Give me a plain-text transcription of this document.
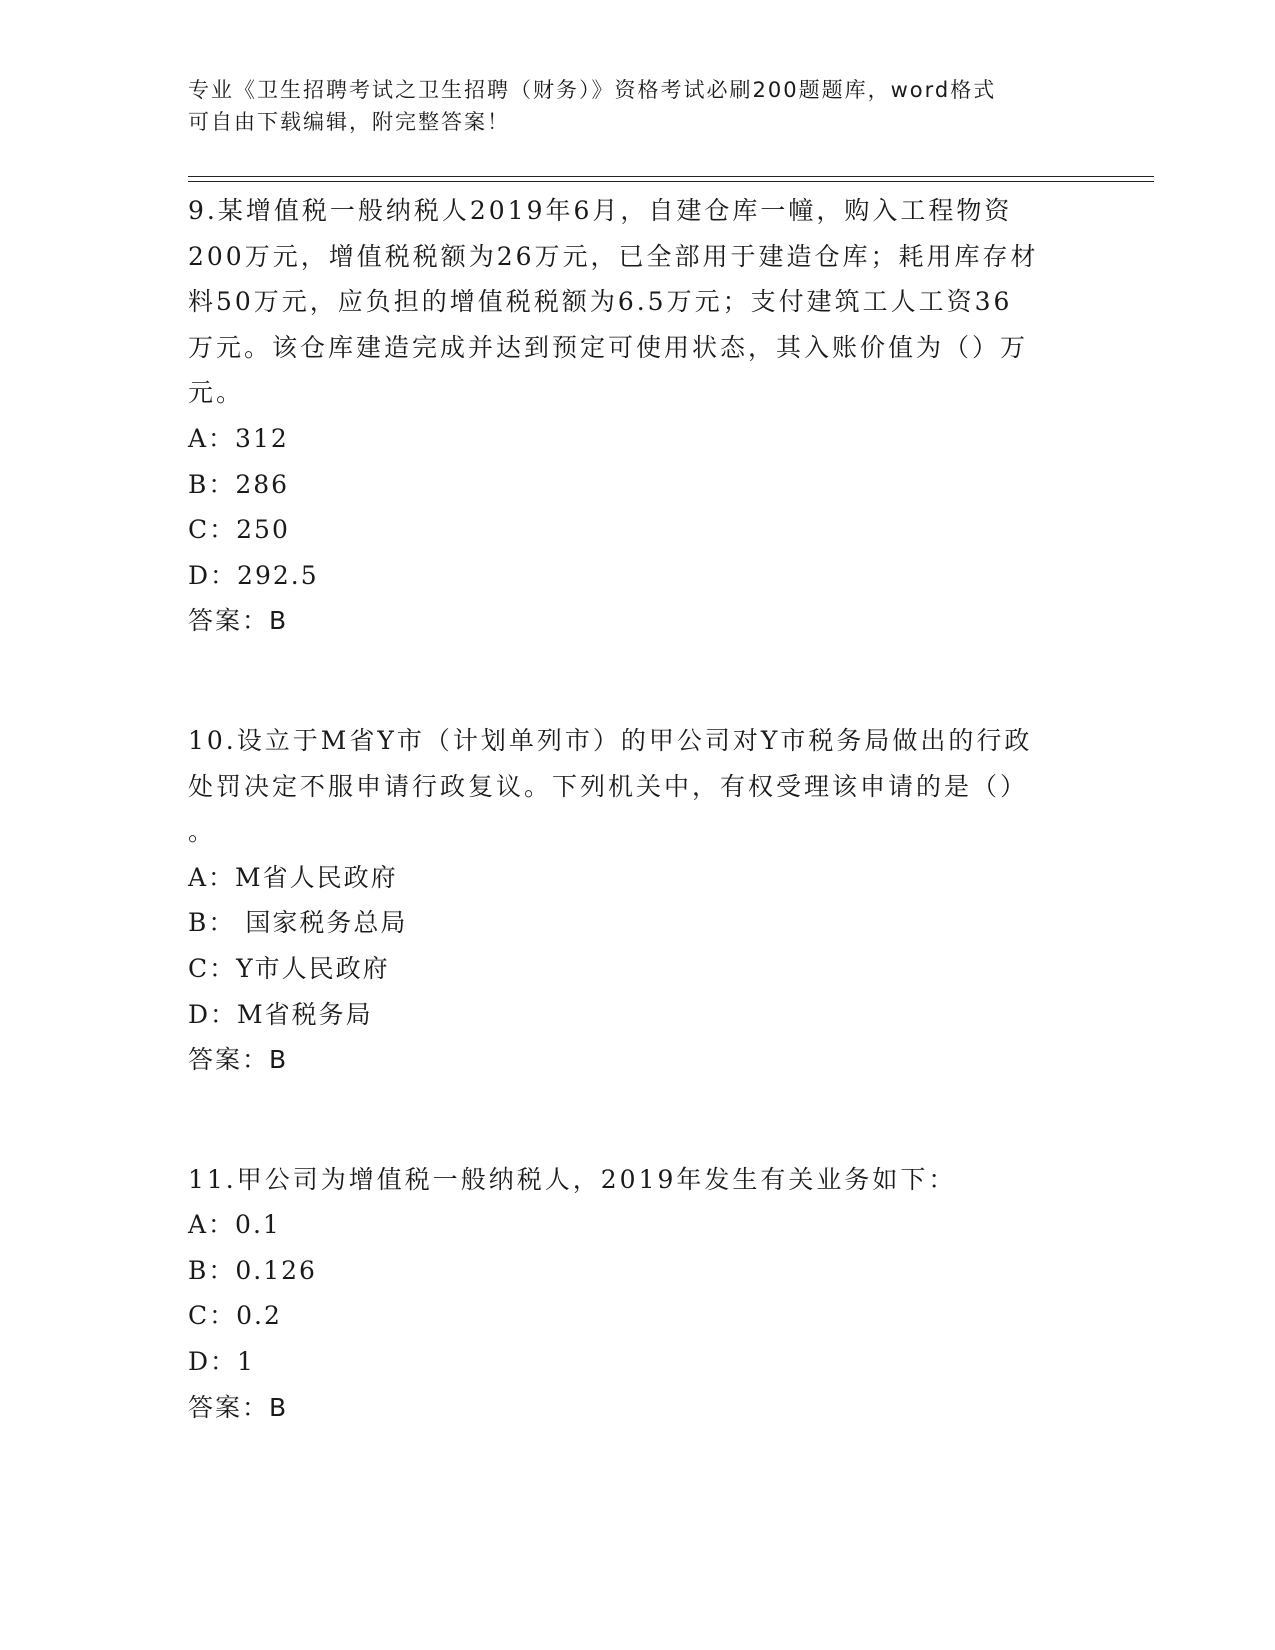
专业《卫生招聘考试之卫生招聘（财务）》资格考试必刷200题题库，word格式
可自由下载编辑，附完整答案！

9.某增值税一般纳税人2019年6月，自建仓库一幢，购入工程物资

200万元，增值税税额为26万元，已全部用于建造仓库；耗用库存材

料50万元，应负担的增值税税额为6.5万元；支付建筑工人工资36

万元。该仓库建造完成并达到预定可使用状态，其入账价值为（）万

元。

A：312

B：286

C：250

D：292.5

答案：B

10.设立于M省Y市（计划单列市）的甲公司对Y市税务局做出的行政

处罚决定不服申请行政复议。下列机关中，有权受理该申请的是（）

。

A：M省人民政府

B： 国家税务总局

C：Y市人民政府

D：M省税务局

答案：B

11.甲公司为增值税一般纳税人，2019年发生有关业务如下：

A：0.1

B：0.126

C：0.2

D：1

答案：B
